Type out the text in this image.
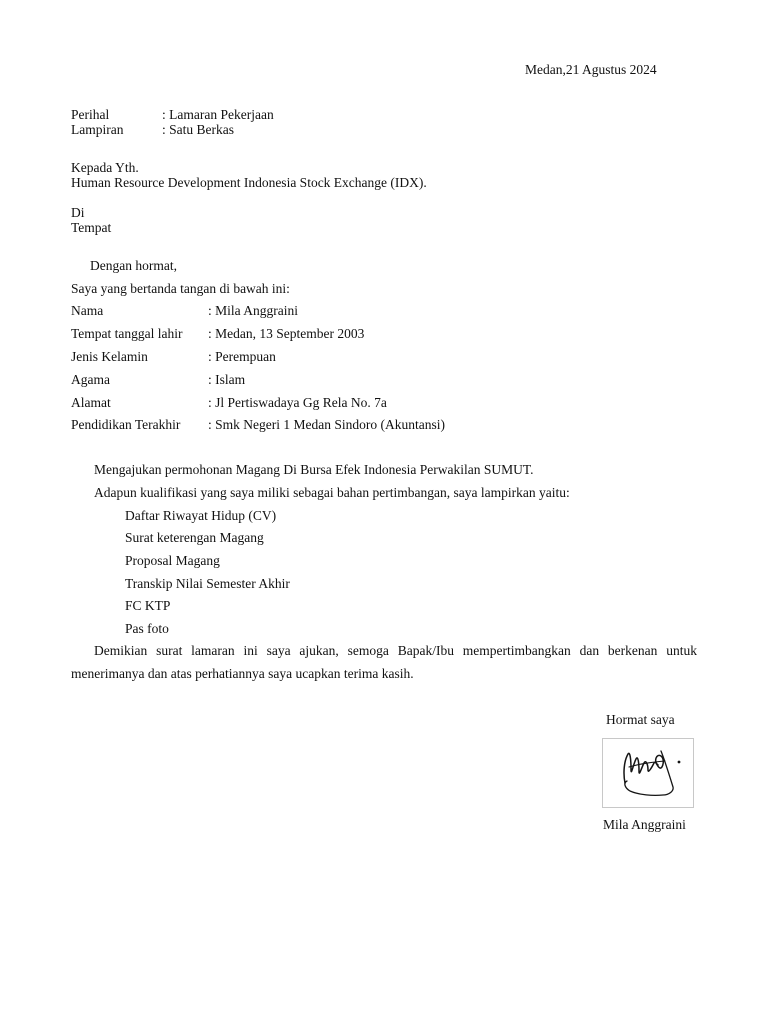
Medan,21 Agustus 2024
Perihal	: Lamaran Pekerjaan
Lampiran	: Satu Berkas
Kepada Yth.
Human Resource Development Indonesia Stock Exchange (IDX).
Di
Tempat
Dengan hormat,
Saya yang bertanda tangan di bawah ini:
Nama	: Mila Anggraini
Tempat tanggal lahir : Medan, 13 September 2003
Jenis Kelamin	: Perempuan
Agama	: Islam
Alamat	: Jl Pertiswadaya Gg Rela No. 7a
Pendidikan Terakhir : Smk Negeri 1 Medan Sindoro (Akuntansi)
Mengajukan permohonan Magang Di Bursa Efek Indonesia Perwakilan SUMUT.
Adapun kualifikasi yang saya miliki sebagai bahan pertimbangan, saya lampirkan yaitu:
Daftar Riwayat Hidup (CV)
Surat keterengan Magang
Proposal Magang
Transkip Nilai Semester Akhir
FC KTP
Pas foto
Demikian surat lamaran ini saya ajukan, semoga Bapak/Ibu mempertimbangkan dan berkenan untuk menerimanya dan atas perhatiannya saya ucapkan terima kasih.
Hormat saya
Mila Anggraini
